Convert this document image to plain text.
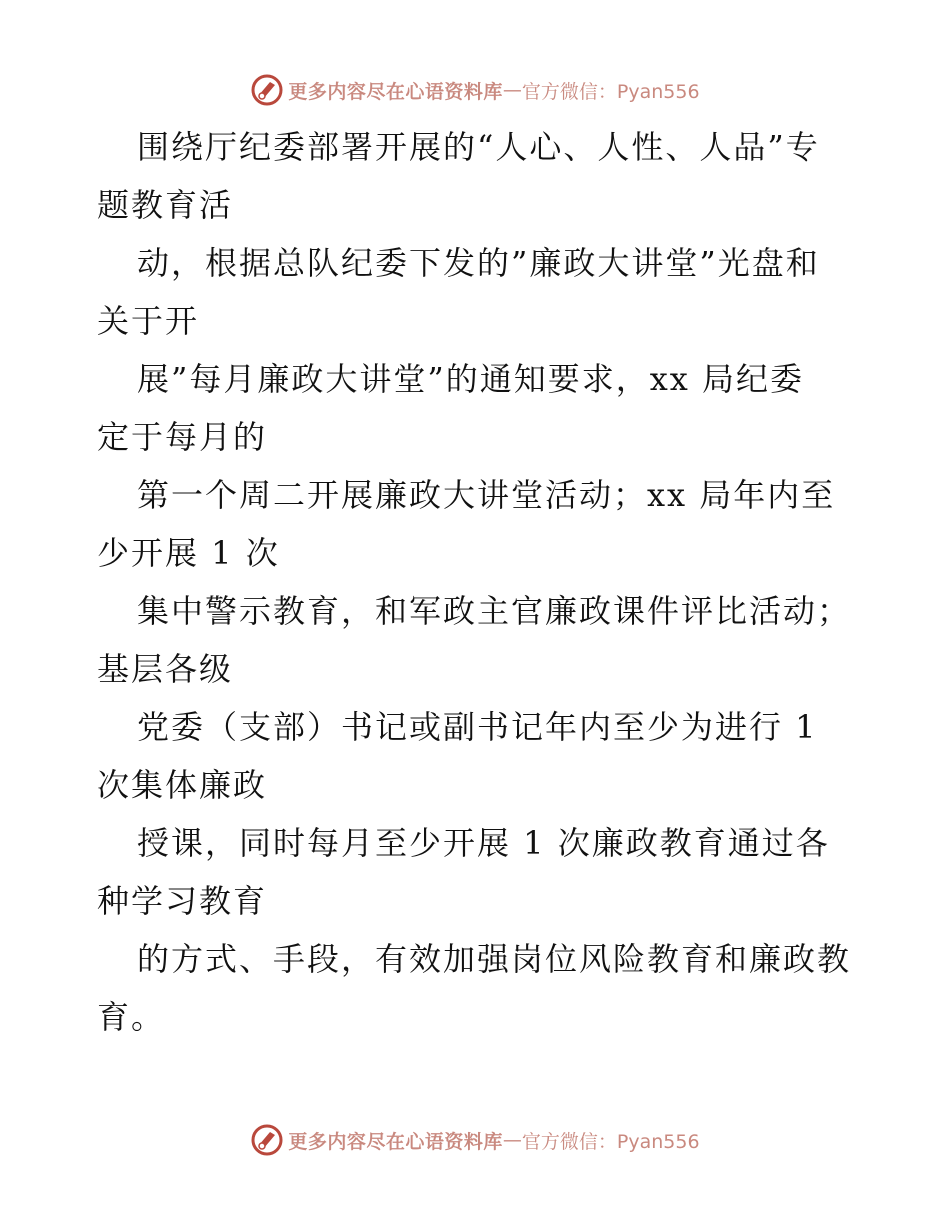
更多内容尽在心语资料库 — 官方微信：Pyan556
围绕厅纪委部署开展的“人心、人性、人品”专
题教育活
动，根据总队纪委下发的”廉政大讲堂”光盘和
关于开
展”每月廉政大讲堂”的通知要求，xx 局纪委
定于每月的
第一个周二开展廉政大讲堂活动；xx 局年内至
少开展 1 次
集中警示教育，和军政主官廉政课件评比活动；
基层各级
党委（支部）书记或副书记年内至少为进行 1
次集体廉政
授课，同时每月至少开展 1 次廉政教育通过各
种学习教育
的方式、手段，有效加强岗位风险教育和廉政教
育。
更多内容尽在心语资料库 — 官方微信：Pyan556
